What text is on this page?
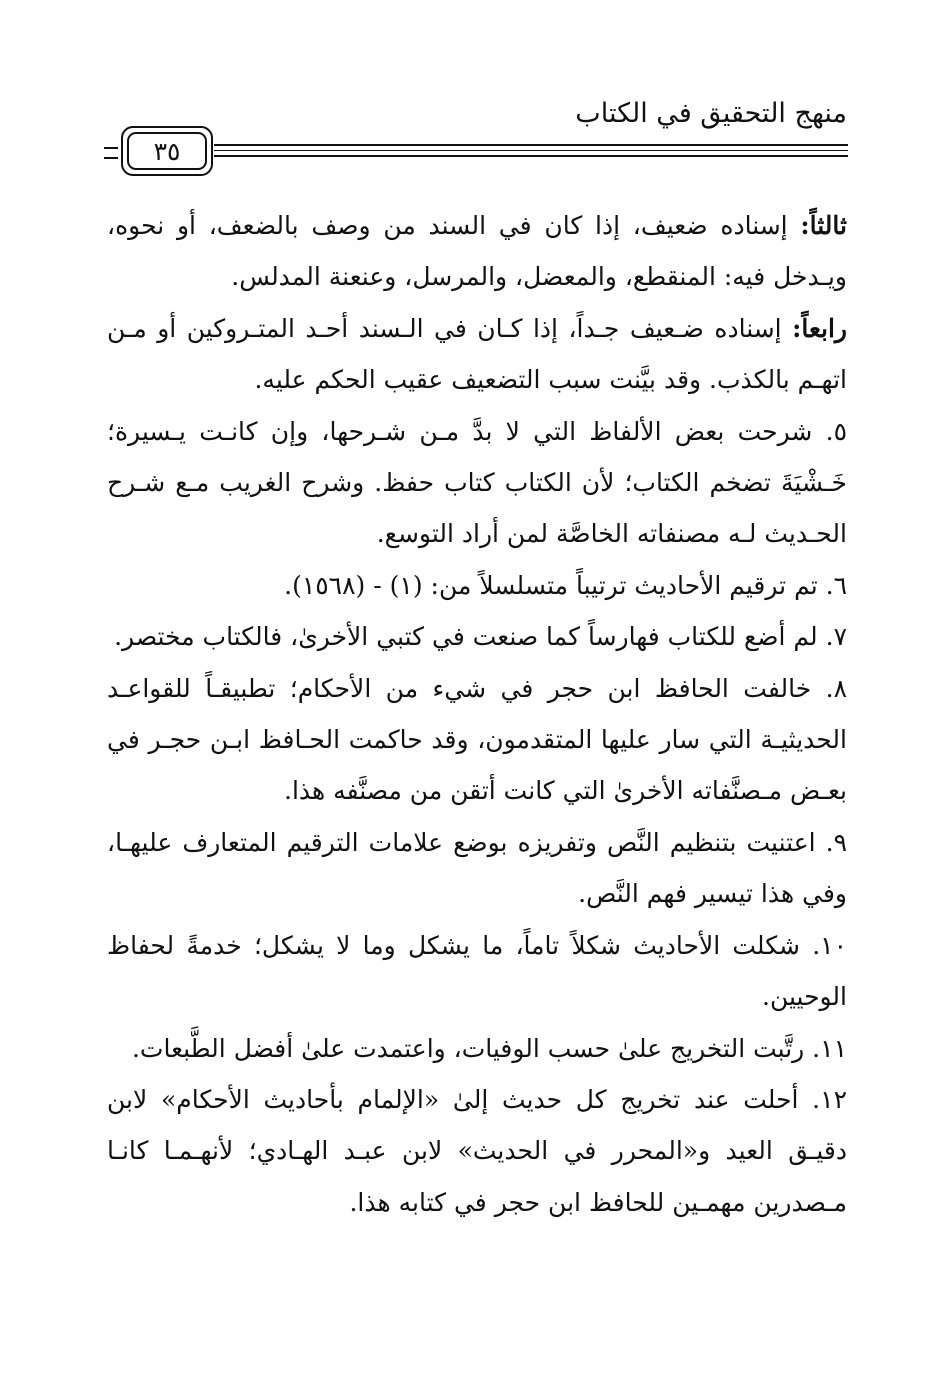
منهج التحقيق في الكتاب
٣٥

ثالثاً: إسناده ضعيف، إذا كان في السند من وصف بالضعف، أو نحوه، ويـدخل فيه: المنقطع، والمعضل، والمرسل، وعنعنة المدلس.

رابعاً: إسناده ضـعيف جـداً، إذا كـان في الـسند أحـد المتـروكين أو مـن اتهـم بالكذب. وقد بيَّنت سبب التضعيف عقيب الحكم عليه.

٥. شرحت بعض الألفاظ التي لا بدَّ مـن شـرحها، وإن كانـت يـسيرة؛ خَـشْيَةَ تضخم الكتاب؛ لأن الكتاب كتاب حفظ. وشرح الغريب مـع شـرح الحـديث لـه مصنفاته الخاصَّة لمن أراد التوسع.

٦. تم ترقيم الأحاديث ترتيباً متسلسلاً من: (١) - (١٥٦٨).

٧. لم أضع للكتاب فهارساً كما صنعت في كتبي الأخرىٰ، فالكتاب مختصر.

٨. خالفت الحافظ ابن حجر في شيء من الأحكام؛ تطبيقـاً للقواعـد الحديثيـة التي سار عليها المتقدمون، وقد حاكمت الحـافظ ابـن حجـر في بعـض مـصنَّفاته الأخرىٰ التي كانت أتقن من مصنَّفه هذا.

٩. اعتنيت بتنظيم النَّص وتفريزه بوضع علامات الترقيم المتعارف عليهـا، وفي هذا تيسير فهم النَّص.

١٠. شكلت الأحاديث شكلاً تاماً، ما يشكل وما لا يشكل؛ خدمةً لحفاظ الوحيين.

١١. رتَّبت التخريج علىٰ حسب الوفيات، واعتمدت علىٰ أفضل الطَّبعات.

١٢. أحلت عند تخريج كل حديث إلىٰ «الإلمام بأحاديث الأحكام» لابن دقيـق العيد و«المحرر في الحديث» لابن عبـد الهـادي؛ لأنهـمـا كانـا مـصدرين مهمـين للحافظ ابن حجر في كتابه هذا.
